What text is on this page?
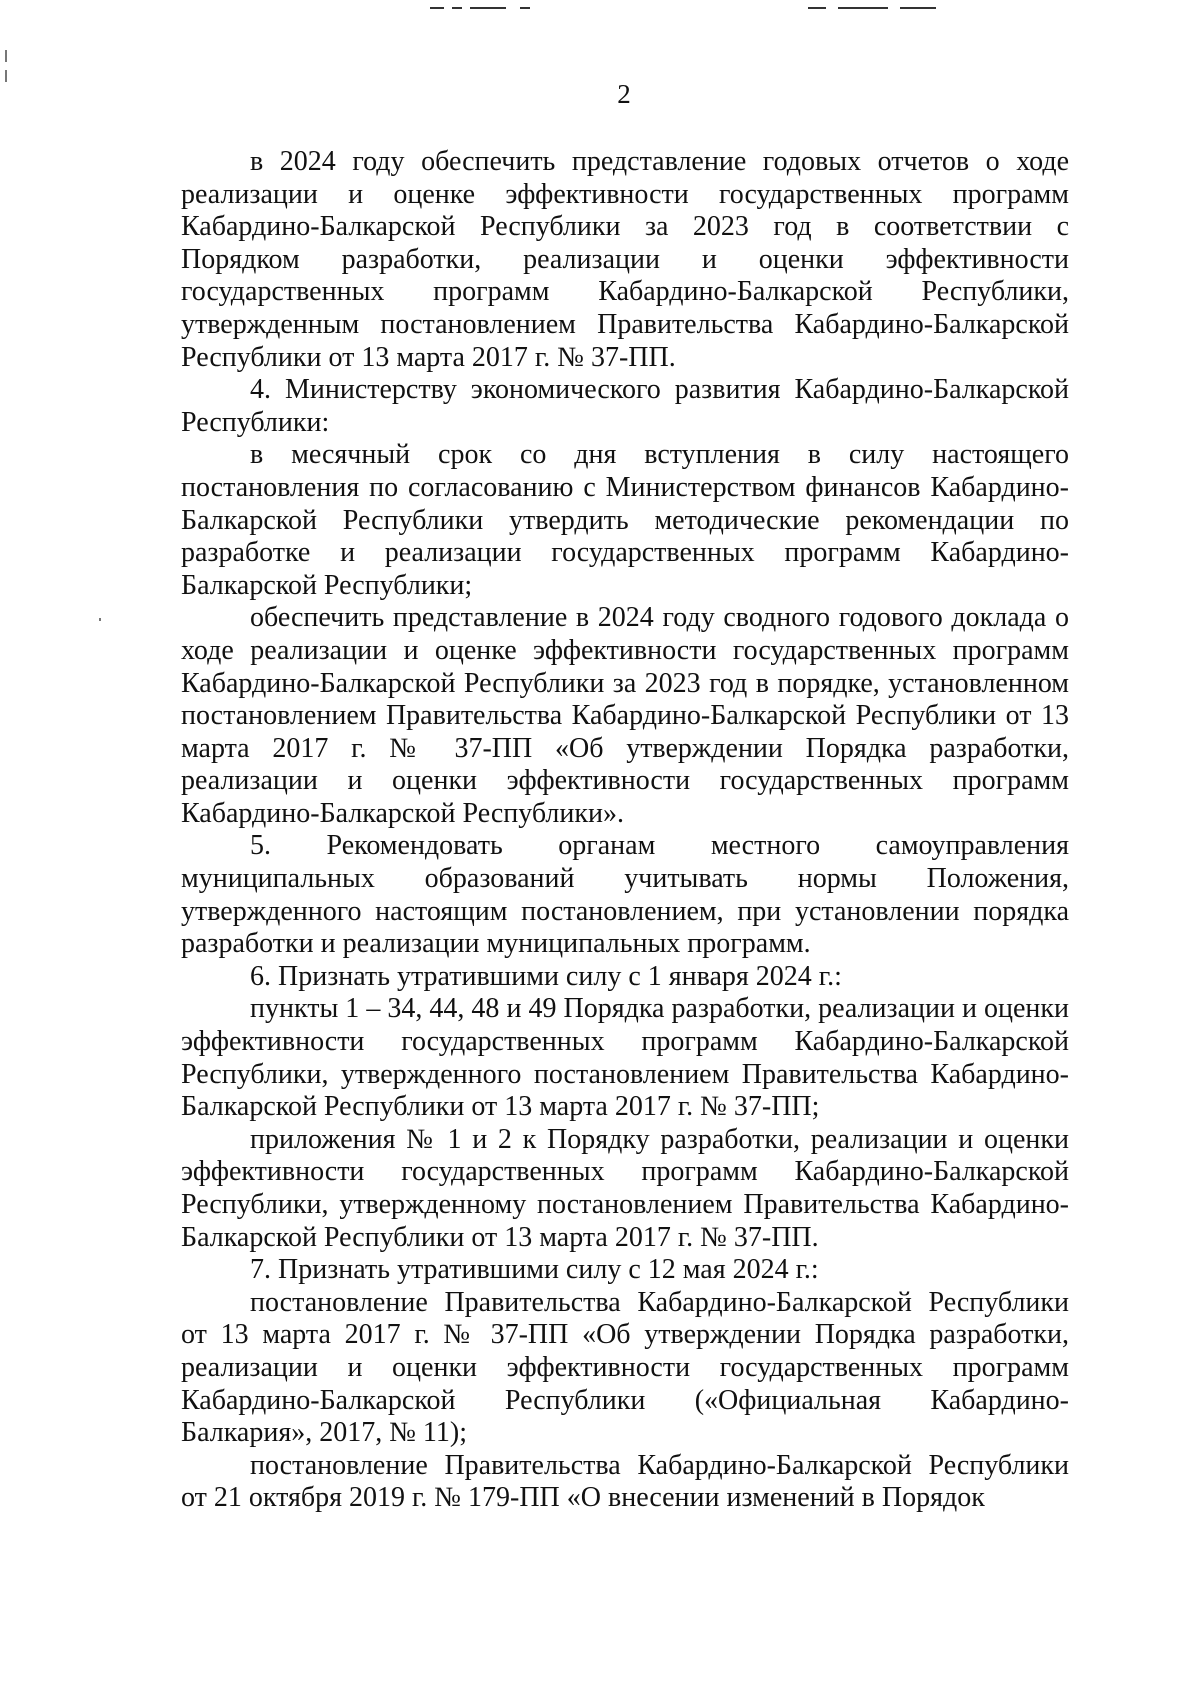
2

в 2024 году обеспечить представление годовых отчетов о ходе реализации и оценке эффективности государственных программ Кабардино-Балкарской Республики за 2023 год в соответствии с Порядком разработки, реализации и оценки эффективности государственных программ Кабардино-Балкарской Республики, утвержденным постановлением Правительства Кабардино-Балкарской Республики от 13 марта 2017 г. № 37-ПП.

4. Министерству экономического развития Кабардино-Балкарской Республики:

в месячный срок со дня вступления в силу настоящего постановления по согласованию с Министерством финансов Кабардино-Балкарской Республики утвердить методические рекомендации по разработке и реализации государственных программ Кабардино-Балкарской Республики;

обеспечить представление в 2024 году сводного годового доклада о ходе реализации и оценке эффективности государственных программ Кабардино-Балкарской Республики за 2023 год в порядке, установленном постановлением Правительства Кабардино-Балкарской Республики от 13 марта 2017 г. № 37-ПП «Об утверждении Порядка разработки, реализации и оценки эффективности государственных программ Кабардино-Балкарской Республики».

5. Рекомендовать органам местного самоуправления муниципальных образований учитывать нормы Положения, утвержденного настоящим постановлением, при установлении порядка разработки и реализации муниципальных программ.

6. Признать утратившими силу с 1 января 2024 г.:

пункты 1 – 34, 44, 48 и 49 Порядка разработки, реализации и оценки эффективности государственных программ Кабардино-Балкарской Республики, утвержденного постановлением Правительства Кабардино-Балкарской Республики от 13 марта 2017 г. № 37-ПП;

приложения № 1 и 2 к Порядку разработки, реализации и оценки эффективности государственных программ Кабардино-Балкарской Республики, утвержденному постановлением Правительства Кабардино-Балкарской Республики от 13 марта 2017 г. № 37-ПП.

7. Признать утратившими силу с 12 мая 2024 г.:

постановление Правительства Кабардино-Балкарской Республики от 13 марта 2017 г. № 37-ПП «Об утверждении Порядка разработки, реализации и оценки эффективности государственных программ Кабардино-Балкарской Республики («Официальная Кабардино-Балкария», 2017, № 11);

постановление Правительства Кабардино-Балкарской Республики от 21 октября 2019 г. № 179-ПП «О внесении изменений в Порядок
